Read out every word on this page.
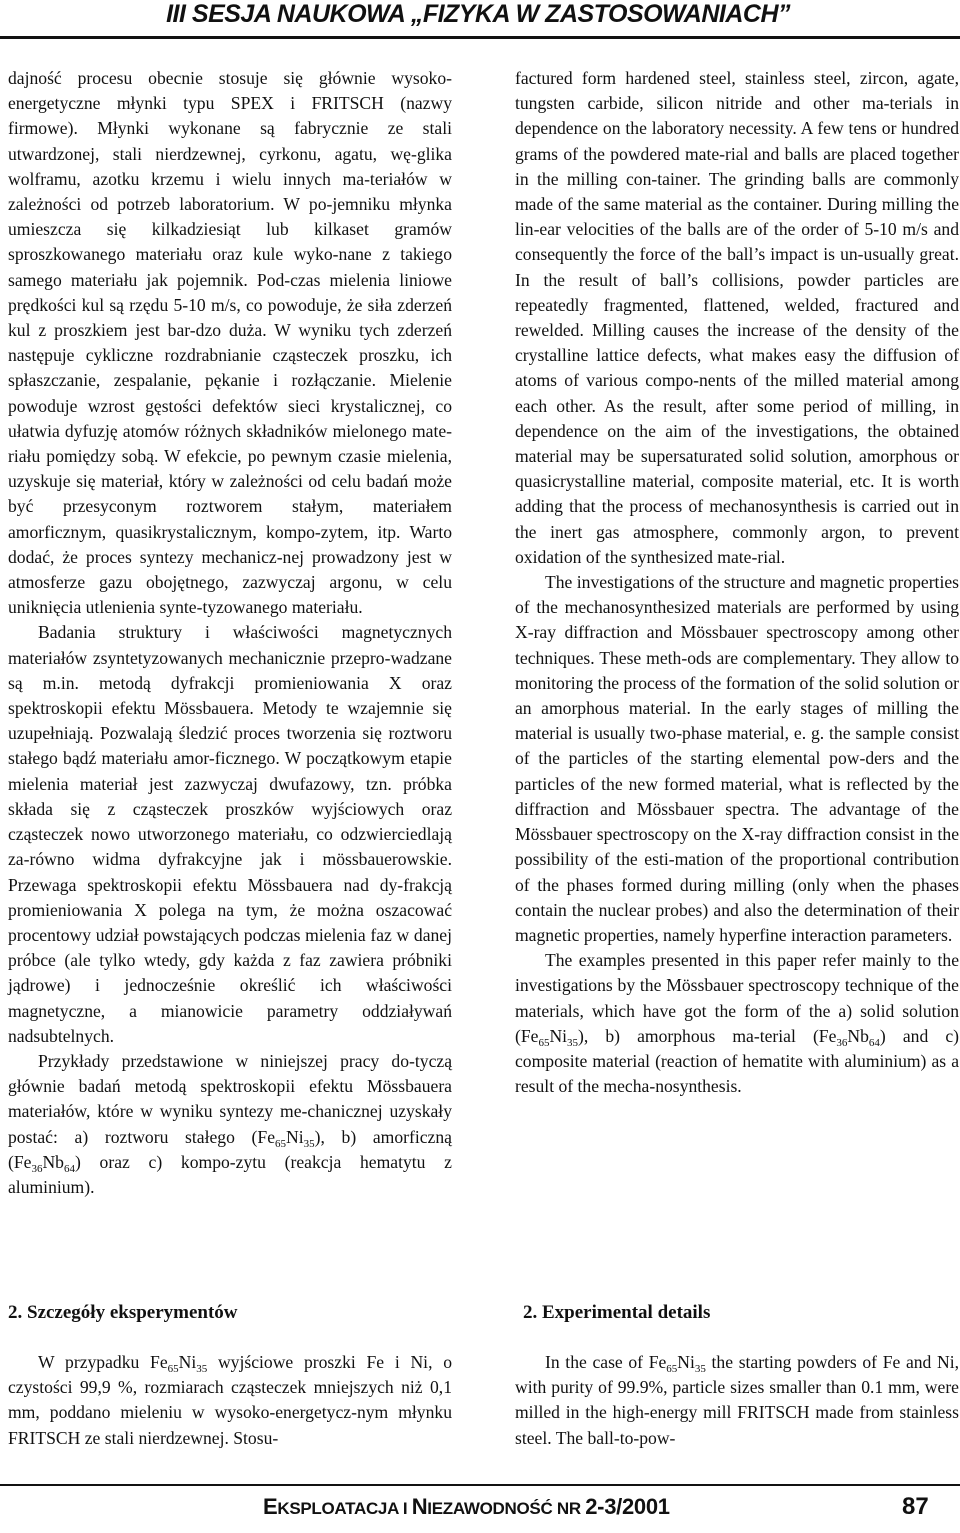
III SESJA NAUKOWA „FIZYKA W ZASTOSOWANIACH”

dajność procesu obecnie stosuje się głównie wysoko-energetyczne młynki typu SPEX i FRITSCH (nazwy firmowe). Młynki wykonane są fabrycznie ze stali utwardzonej, stali nierdzewnej, cyrkonu, agatu, wę-glika wolframu, azotku krzemu i wielu innych ma-teriałów w zależności od potrzeb laboratorium. W po-jemniku młynka umieszcza się kilkadziesiąt lub kilkaset gramów sproszkowanego materiału oraz kule wyko-nane z takiego samego materiału jak pojemnik. Pod-czas mielenia liniowe prędkości kul są rzędu 5-10 m/s, co powoduje, że siła zderzeń kul z proszkiem jest bar-dzo duża. W wyniku tych zderzeń następuje cykliczne rozdrabnianie cząsteczek proszku, ich spłaszczanie, zespalanie, pękanie i rozłączanie. Mielenie powoduje wzrost gęstości defektów sieci krystalicznej, co ułatwia dyfuzję atomów różnych składników mielonego mate-riału pomiędzy sobą. W efekcie, po pewnym czasie mielenia, uzyskuje się materiał, który w zależności od celu badań może być przesyconym roztworem stałym, materiałem amorficznym, quasikrystalicznym, kompo-zytem, itp. Warto dodać, że proces syntezy mechanicz-nej prowadzony jest w atmosferze gazu obojętnego, zazwyczaj argonu, w celu uniknięcia utlenienia synte-tyzowanego materiału.

Badania struktury i właściwości magnetycznych materiałów zsyntetyzowanych mechanicznie przepro-wadzane są m.in. metodą dyfrakcji promieniowania X oraz spektroskopii efektu Mössbauera. Metody te wzajemnie się uzupełniają. Pozwalają śledzić proces tworzenia się roztworu stałego bądź materiału amor-ficznego. W początkowym etapie mielenia materiał jest zazwyczaj dwufazowy, tzn. próbka składa się z cząsteczek proszków wyjściowych oraz cząsteczek nowo utworzonego materiału, co odzwierciedlają za-równo widma dyfrakcyjne jak i mössbauerowskie. Przewaga spektroskopii efektu Mössbauera nad dy-frakcją promieniowania X polega na tym, że można oszacować procentowy udział powstających podczas mielenia faz w danej próbce (ale tylko wtedy, gdy każda z faz zawiera próbniki jądrowe) i jednocześnie określić ich właściwości magnetyczne, a mianowicie parametry oddziaływań nadsubtelnych.

Przykłady przedstawione w niniejszej pracy do-tyczą głównie badań metodą spektroskopii efektu Mössbauera materiałów, które w wyniku syntezy me-chanicznej uzyskały postać: a) roztworu stałego $(Fe_{65}Ni_{35})$, b) amorficzną $(Fe_{36}Nb_{64})$ oraz c) kompo-zytu (reakcja hematytu z aluminium).

factured form hardened steel, stainless steel, zircon, agate, tungsten carbide, silicon nitride and other ma-terials in dependence on the laboratory necessity. A few tens or hundred grams of the powdered mate-rial and balls are placed together in the milling con-tainer. The grinding balls are commonly made of the same material as the container. During milling the lin-ear velocities of the balls are of the order of 5-10 m/s and consequently the force of the ball’s impact is un-usually great. In the result of ball’s collisions, powder particles are repeatedly fragmented, flattened, welded, fractured and rewelded. Milling causes the increase of the density of the crystalline lattice defects, what makes easy the diffusion of atoms of various compo-nents of the milled material among each other. As the result, after some period of milling, in dependence on the aim of the investigations, the obtained material may be supersaturated solid solution, amorphous or quasicrystalline material, composite material, etc. It is worth adding that the process of mechanosynthesis is carried out in the inert gas atmosphere, commonly argon, to prevent oxidation of the synthesized mate-rial.

The investigations of the structure and magnetic properties of the mechanosynthesized materials are performed by using X-ray diffraction and Mössbauer spectroscopy among other techniques. These meth-ods are complementary. They allow to monitoring the process of the formation of the solid solution or an amorphous material. In the early stages of milling the material is usually two-phase material, e. g. the sample consist of the particles of the starting elemental pow-ders and the particles of the new formed material, what is reflected by the diffraction and Mössbauer spectra. The advantage of the Mössbauer spectroscopy on the X-ray diffraction consist in the possibility of the esti-mation of the proportional contribution of the phases formed during milling (only when the phases contain the nuclear probes) and also the determination of their magnetic properties, namely hyperfine interaction parameters.

The examples presented in this paper refer mainly to the investigations by the Mössbauer spectroscopy technique of the materials, which have got the form of the a) solid solution $(Fe_{65}Ni_{35})$, b) amorphous ma-terial $(Fe_{36}Nb_{64})$ and c) composite material (reaction of hematite with aluminium) as a result of the mecha-nosynthesis.

2. Szczegóły eksperymentów	2. Experimental details

W przypadku $Fe_{65}Ni_{35}$ wyjściowe proszki Fe i Ni, o czystości 99,9 %, rozmiarach cząsteczek mniejszych niż 0,1 mm, poddano mieleniu w wysoko-energetycz-nym młynku FRITSCH ze stali nierdzewnej. Stosu-

In the case of $Fe_{65}Ni_{35}$ the starting powders of Fe and Ni, with purity of 99.9%, particle sizes smaller than 0.1 mm, were milled in the high-energy mill FRITSCH made from stainless steel. The ball-to-pow-

EKSPLOATACJA I NIEZAWODNOŚĆ NR 2-3/2001	87
